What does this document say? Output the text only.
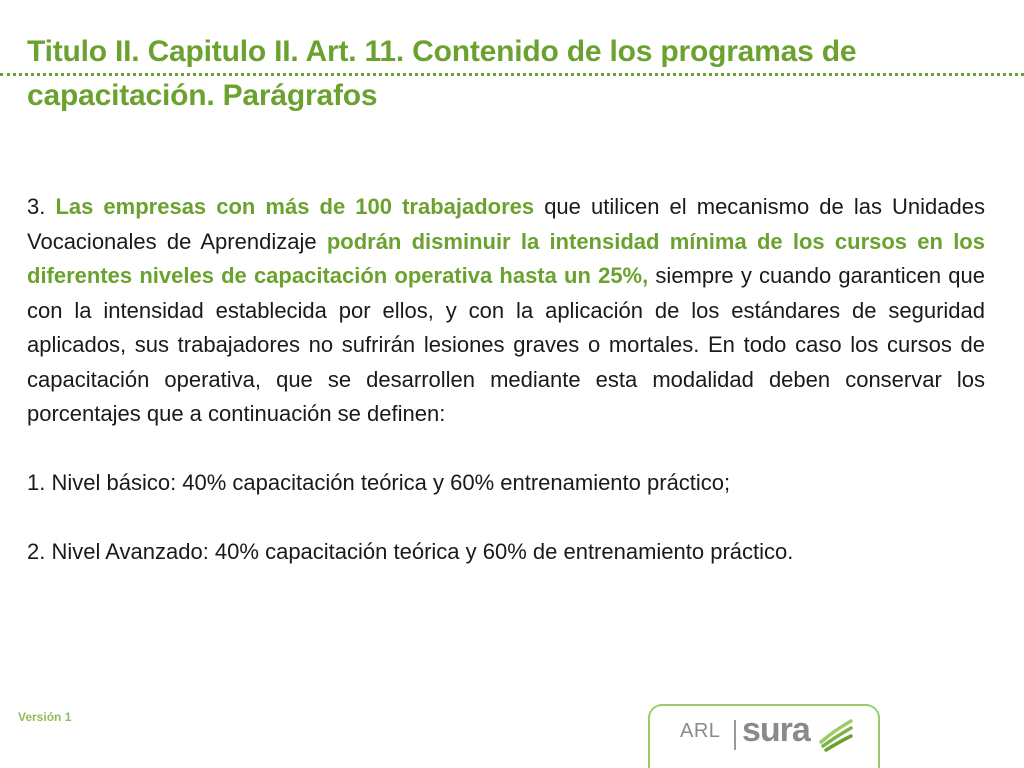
Titulo II. Capitulo II. Art. 11. Contenido de los programas de capacitación. Parágrafos

3. Las empresas con más de 100 trabajadores que utilicen el mecanismo de las Unidades Vocacionales de Aprendizaje podrán disminuir la intensidad mínima de los cursos en los diferentes niveles de capacitación operativa hasta un 25%, siempre y cuando garanticen que con la intensidad establecida por ellos, y con la aplicación de los estándares de seguridad aplicados, sus trabajadores no sufrirán lesiones graves o mortales. En todo caso los cursos de capacitación operativa, que se desarrollen mediante esta modalidad deben conservar los porcentajes que a continuación se definen:

1. Nivel básico: 40% capacitación teórica y 60% entrenamiento práctico;

2. Nivel Avanzado: 40% capacitación teórica y 60% de entrenamiento práctico.

Versión 1
ARL sura
